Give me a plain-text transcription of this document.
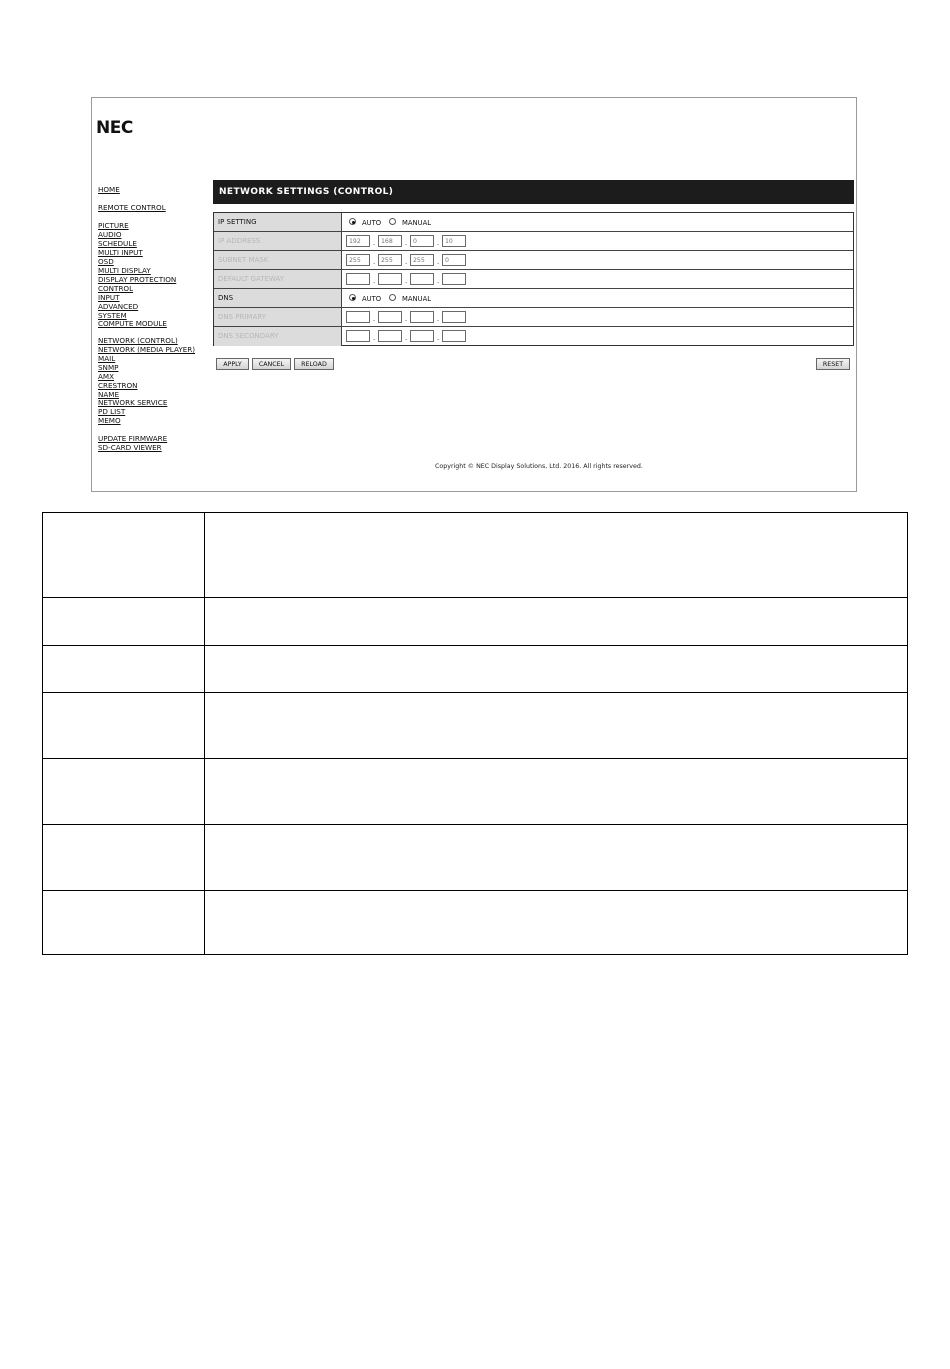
NEC
HOME
REMOTE CONTROL
PICTURE
AUDIO
SCHEDULE
MULTI INPUT
OSD
MULTI DISPLAY
DISPLAY PROTECTION
CONTROL
INPUT
ADVANCED
SYSTEM
COMPUTE MODULE
NETWORK (CONTROL)
NETWORK (MEDIA PLAYER)
MAIL
SNMP
AMX
CRESTRON
NAME
NETWORK SERVICE
PD LIST
MEMO
UPDATE FIRMWARE
SD-CARD VIEWER
NETWORK SETTINGS (CONTROL)
IP SETTING	AUTO	MANUAL
IP ADDRESS	192	. 168	. 0	. 10
SUBNET MASK	255	. 255	. 255	. 0
DEFAULT GATEWAY	.	.	.
DNS	AUTO	MANUAL
DNS PRIMARY	.	.	.
DNS SECONDARY	.	.	.
APPLY	CANCEL	RELOAD	RESET
Copyright © NEC Display Solutions, Ltd. 2016. All rights reserved.
